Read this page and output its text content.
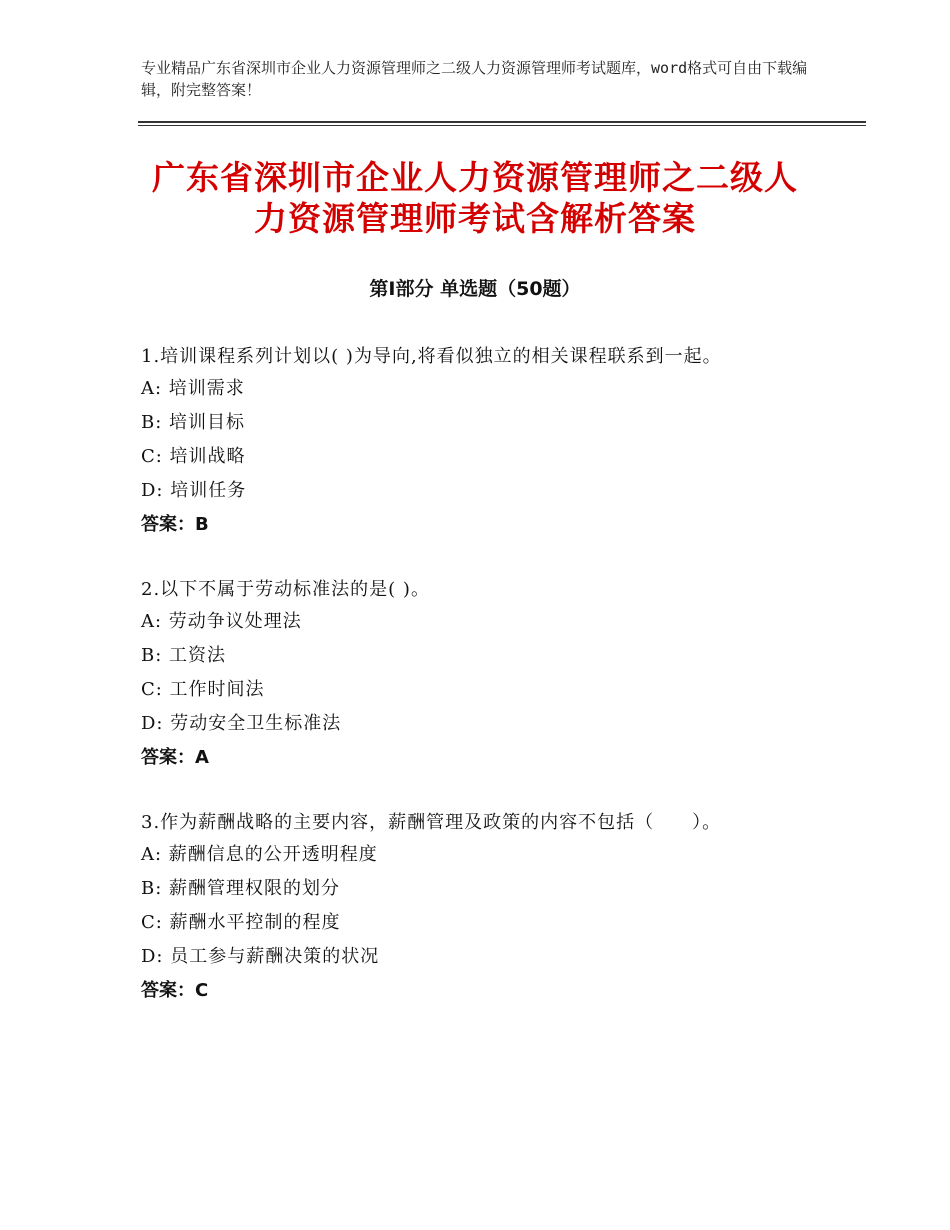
专业精品广东省深圳市企业人力资源管理师之二级人力资源管理师考试题库，word格式可自由下载编辑，附完整答案！
广东省深圳市企业人力资源管理师之二级人
力资源管理师考试含解析答案
第Ⅰ部分 单选题（50题）
1.培训课程系列计划以( )为导向,将看似独立的相关课程联系到一起。
A: 培训需求
B: 培训目标
C: 培训战略
D: 培训任务
答案：B
2.以下不属于劳动标准法的是( )。
A: 劳动争议处理法
B: 工资法
C: 工作时间法
D: 劳动安全卫生标准法
答案：A
3.作为薪酬战略的主要内容，薪酬管理及政策的内容不包括（　　）。
A: 薪酬信息的公开透明程度
B: 薪酬管理权限的划分
C: 薪酬水平控制的程度
D: 员工参与薪酬决策的状况
答案：C
